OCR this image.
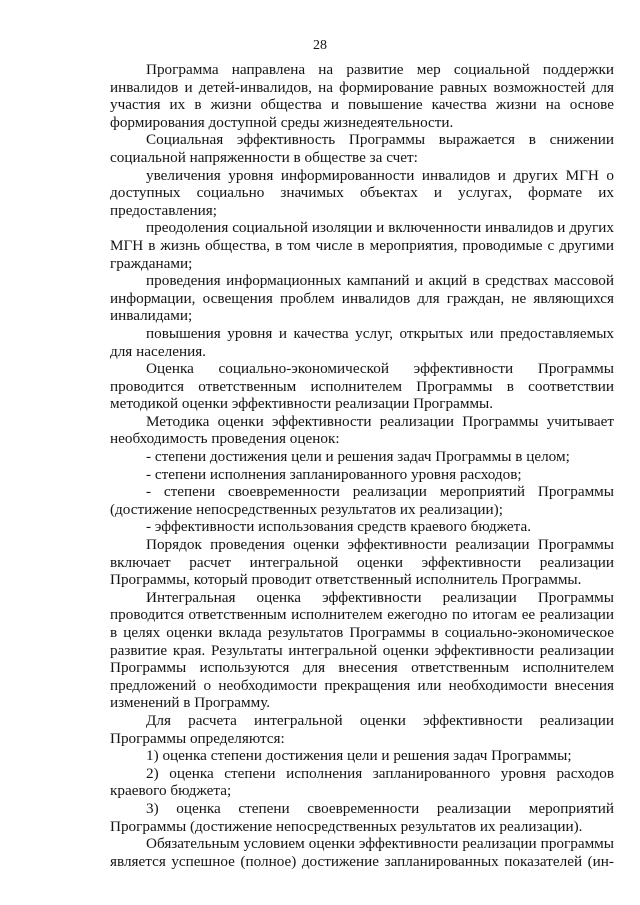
28

Программа направлена на развитие мер социальной поддержки инвалидов и детей-инвалидов, на формирование равных возможностей для участия их в жизни общества и повышение качества жизни на основе формирования доступной среды жизнедеятельности.

Социальная эффективность Программы выражается в снижении социальной напряженности в обществе за счет:

увеличения уровня информированности инвалидов и других МГН о доступных социально значимых объектах и услугах, формате их предоставления;

преодоления социальной изоляции и включенности инвалидов и других МГН в жизнь общества, в том числе в мероприятия, проводимые с другими гражданами;

проведения информационных кампаний и акций в средствах массовой информации, освещения проблем инвалидов для граждан, не являющихся инвалидами;

повышения уровня и качества услуг, открытых или предоставляемых для населения.

Оценка социально-экономической эффективности Программы проводится ответственным исполнителем Программы в соответствии методикой оценки эффективности реализации Программы.

Методика оценки эффективности реализации Программы учитывает необходимость проведения оценок:

- степени достижения цели и решения задач Программы в целом;

- степени исполнения запланированного уровня расходов;

- степени своевременности реализации мероприятий Программы (достижение непосредственных результатов их реализации);

- эффективности использования средств краевого бюджета.

Порядок проведения оценки эффективности реализации Программы включает расчет интегральной оценки эффективности реализации Программы, который проводит ответственный исполнитель Программы.

Интегральная оценка эффективности реализации Программы проводится ответственным исполнителем ежегодно по итогам ее реализации в целях оценки вклада результатов Программы в социально-экономическое развитие края. Результаты интегральной оценки эффективности реализации Программы используются для внесения ответственным исполнителем предложений о необходимости прекращения или необходимости внесения изменений в Программу.

Для расчета интегральной оценки эффективности реализации Программы определяются:

1) оценка степени достижения цели и решения задач Программы;

2) оценка степени исполнения запланированного уровня расходов краевого бюджета;

3) оценка степени своевременности реализации мероприятий Программы (достижение непосредственных результатов их реализации).

Обязательным условием оценки эффективности реализации программы является успешное (полное) достижение запланированных показателей (ин-
